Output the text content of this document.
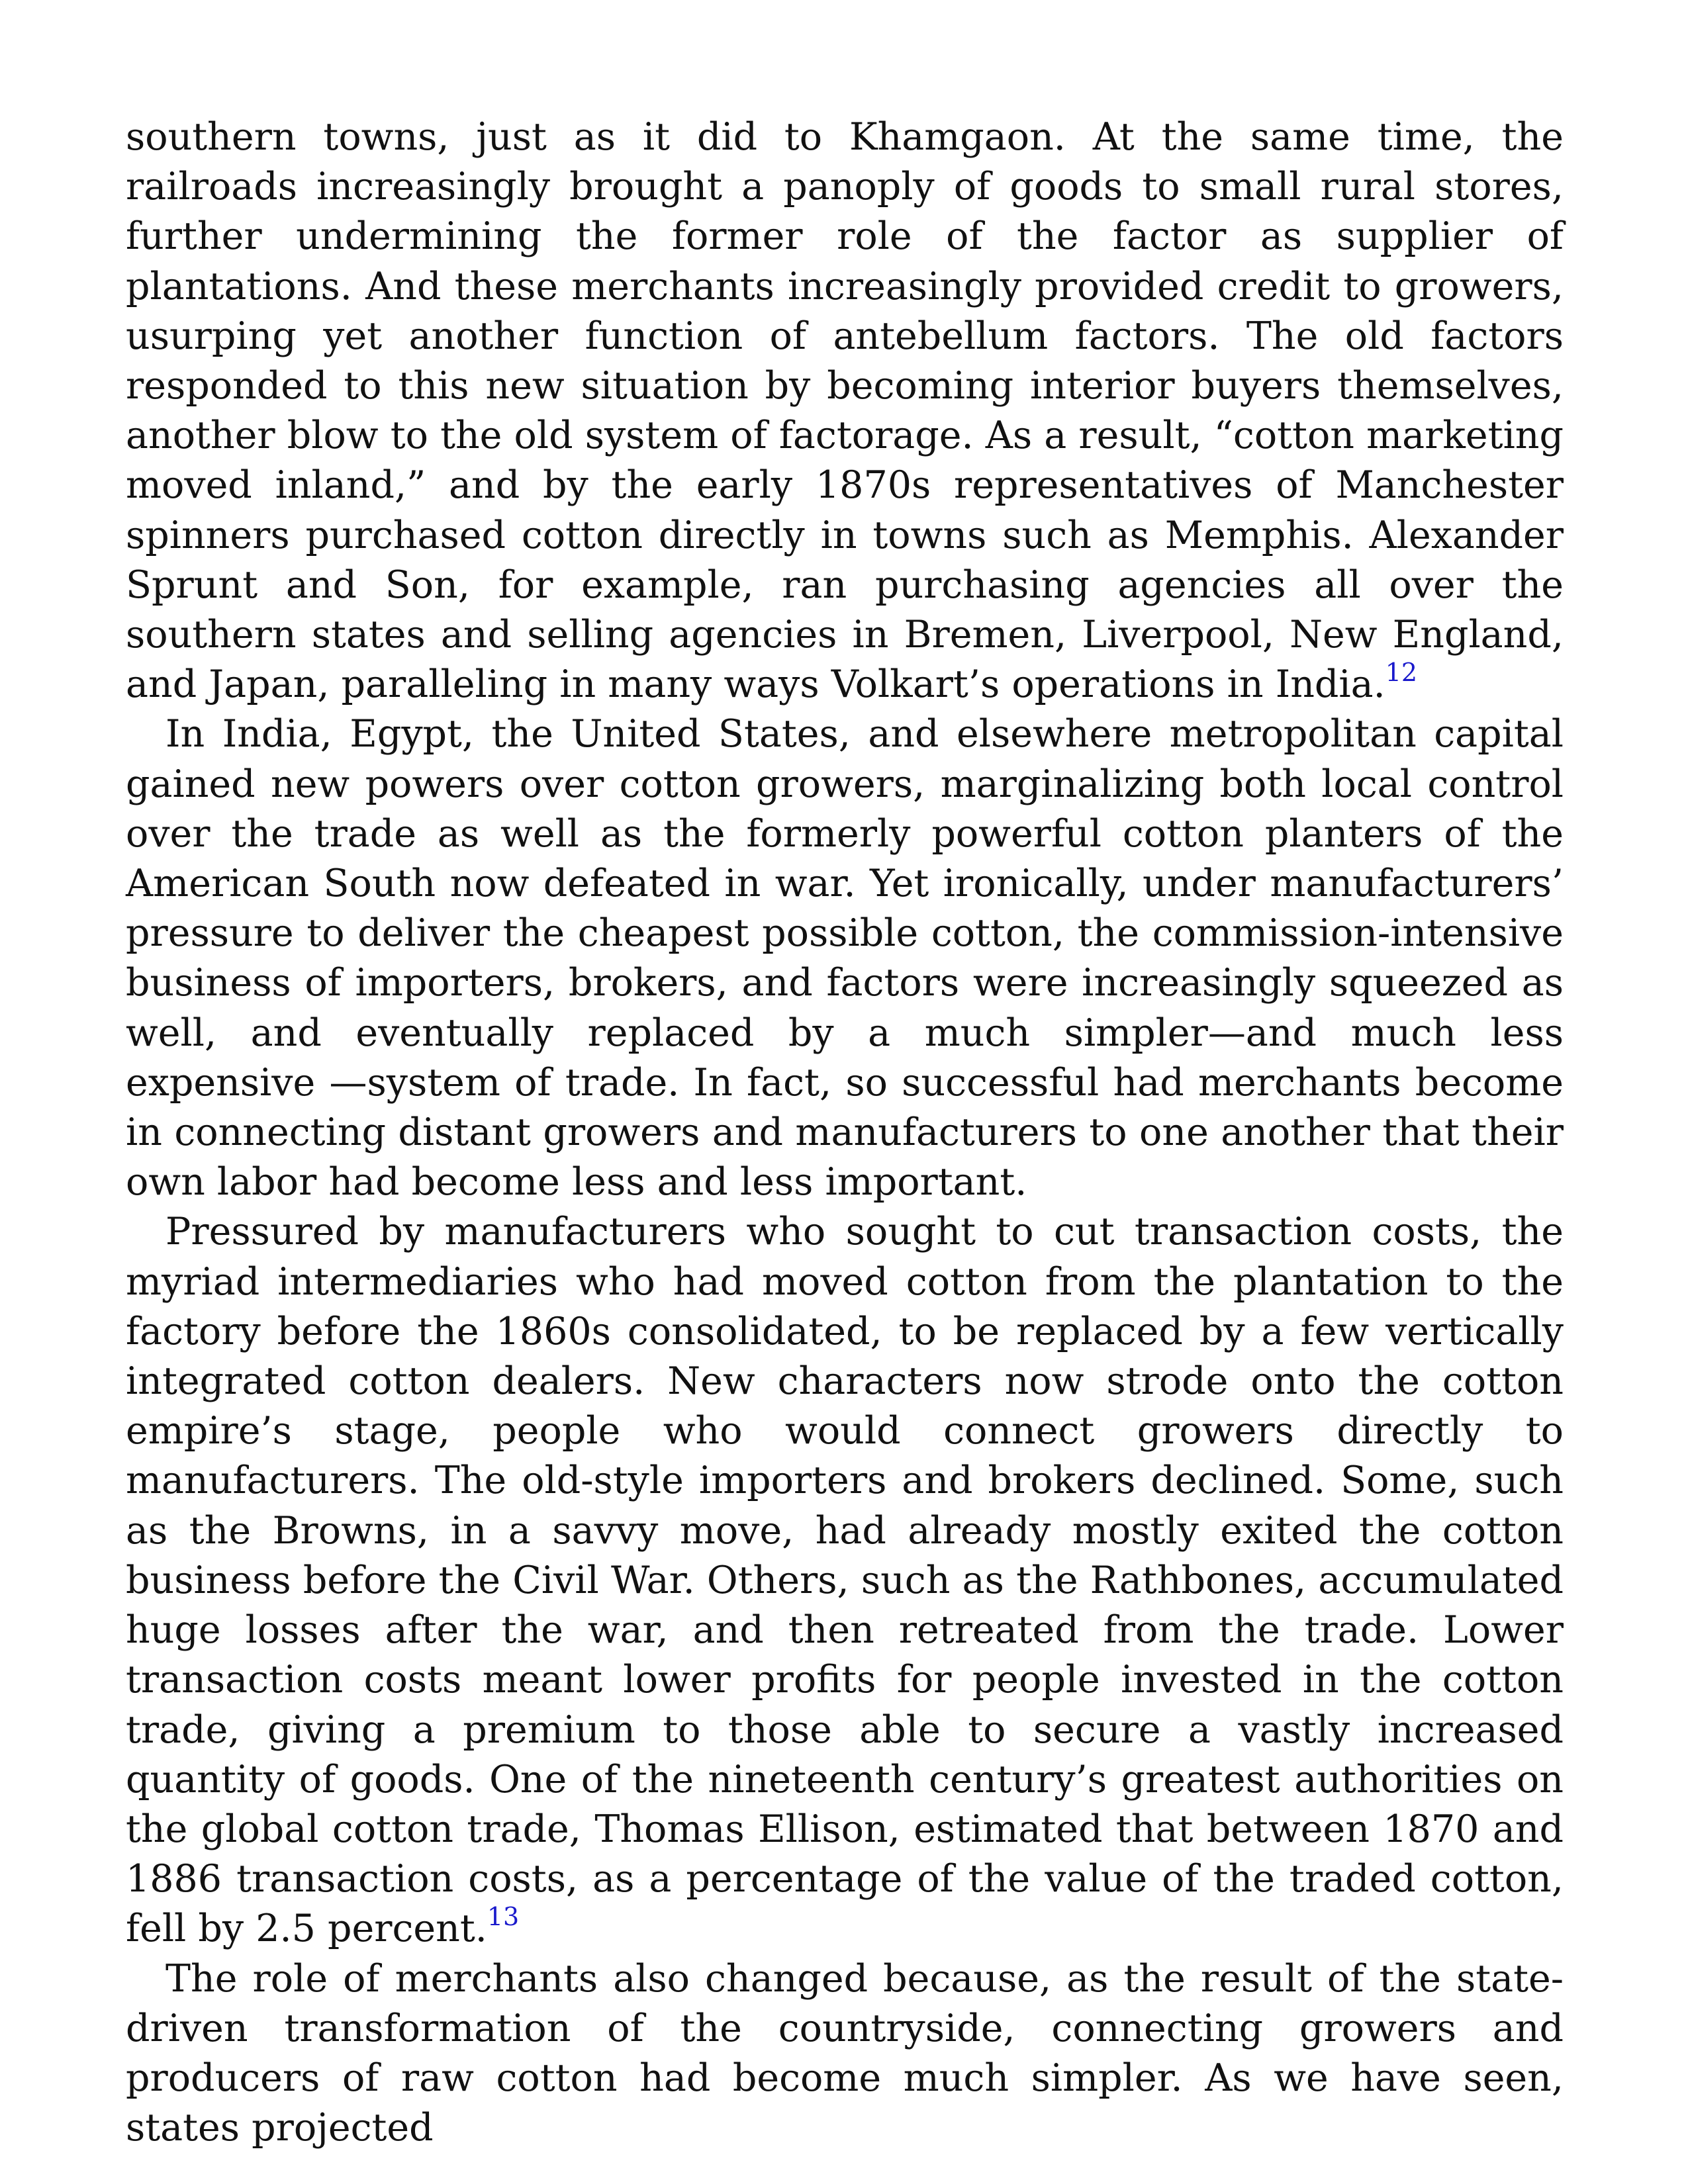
southern towns, just as it did to Khamgaon. At the same time, the railroads increasingly brought a panoply of goods to small rural stores, further undermining the former role of the factor as supplier of plantations. And these merchants increasingly provided credit to growers, usurping yet another function of antebellum factors. The old factors responded to this new situation by becoming interior buyers themselves, another blow to the old system of factorage. As a result, “cotton marketing moved inland,” and by the early 1870s representatives of Manchester spinners purchased cotton directly in towns such as Memphis. Alexander Sprunt and Son, for example, ran purchasing agencies all over the southern states and selling agencies in Bremen, Liverpool, New England, and Japan, paralleling in many ways Volkart’s operations in India.$^{12}$

In India, Egypt, the United States, and elsewhere metropolitan capital gained new powers over cotton growers, marginalizing both local control over the trade as well as the formerly powerful cotton planters of the American South now defeated in war. Yet ironically, under manufacturers’ pressure to deliver the cheapest possible cotton, the commission-intensive business of importers, brokers, and factors were increasingly squeezed as well, and eventually replaced by a much simpler—and much less expensive —system of trade. In fact, so successful had merchants become in connecting distant growers and manufacturers to one another that their own labor had become less and less important.

Pressured by manufacturers who sought to cut transaction costs, the myriad intermediaries who had moved cotton from the plantation to the factory before the 1860s consolidated, to be replaced by a few vertically integrated cotton dealers. New characters now strode onto the cotton empire’s stage, people who would connect growers directly to manufacturers. The old-style importers and brokers declined. Some, such as the Browns, in a savvy move, had already mostly exited the cotton business before the Civil War. Others, such as the Rathbones, accumulated huge losses after the war, and then retreated from the trade. Lower transaction costs meant lower profits for people invested in the cotton trade, giving a premium to those able to secure a vastly increased quantity of goods. One of the nineteenth century’s greatest authorities on the global cotton trade, Thomas Ellison, estimated that between 1870 and 1886 transaction costs, as a percentage of the value of the traded cotton, fell by 2.5 percent.$^{13}$

The role of merchants also changed because, as the result of the state-driven transformation of the countryside, connecting growers and producers of raw cotton had become much simpler. As we have seen, states projected
